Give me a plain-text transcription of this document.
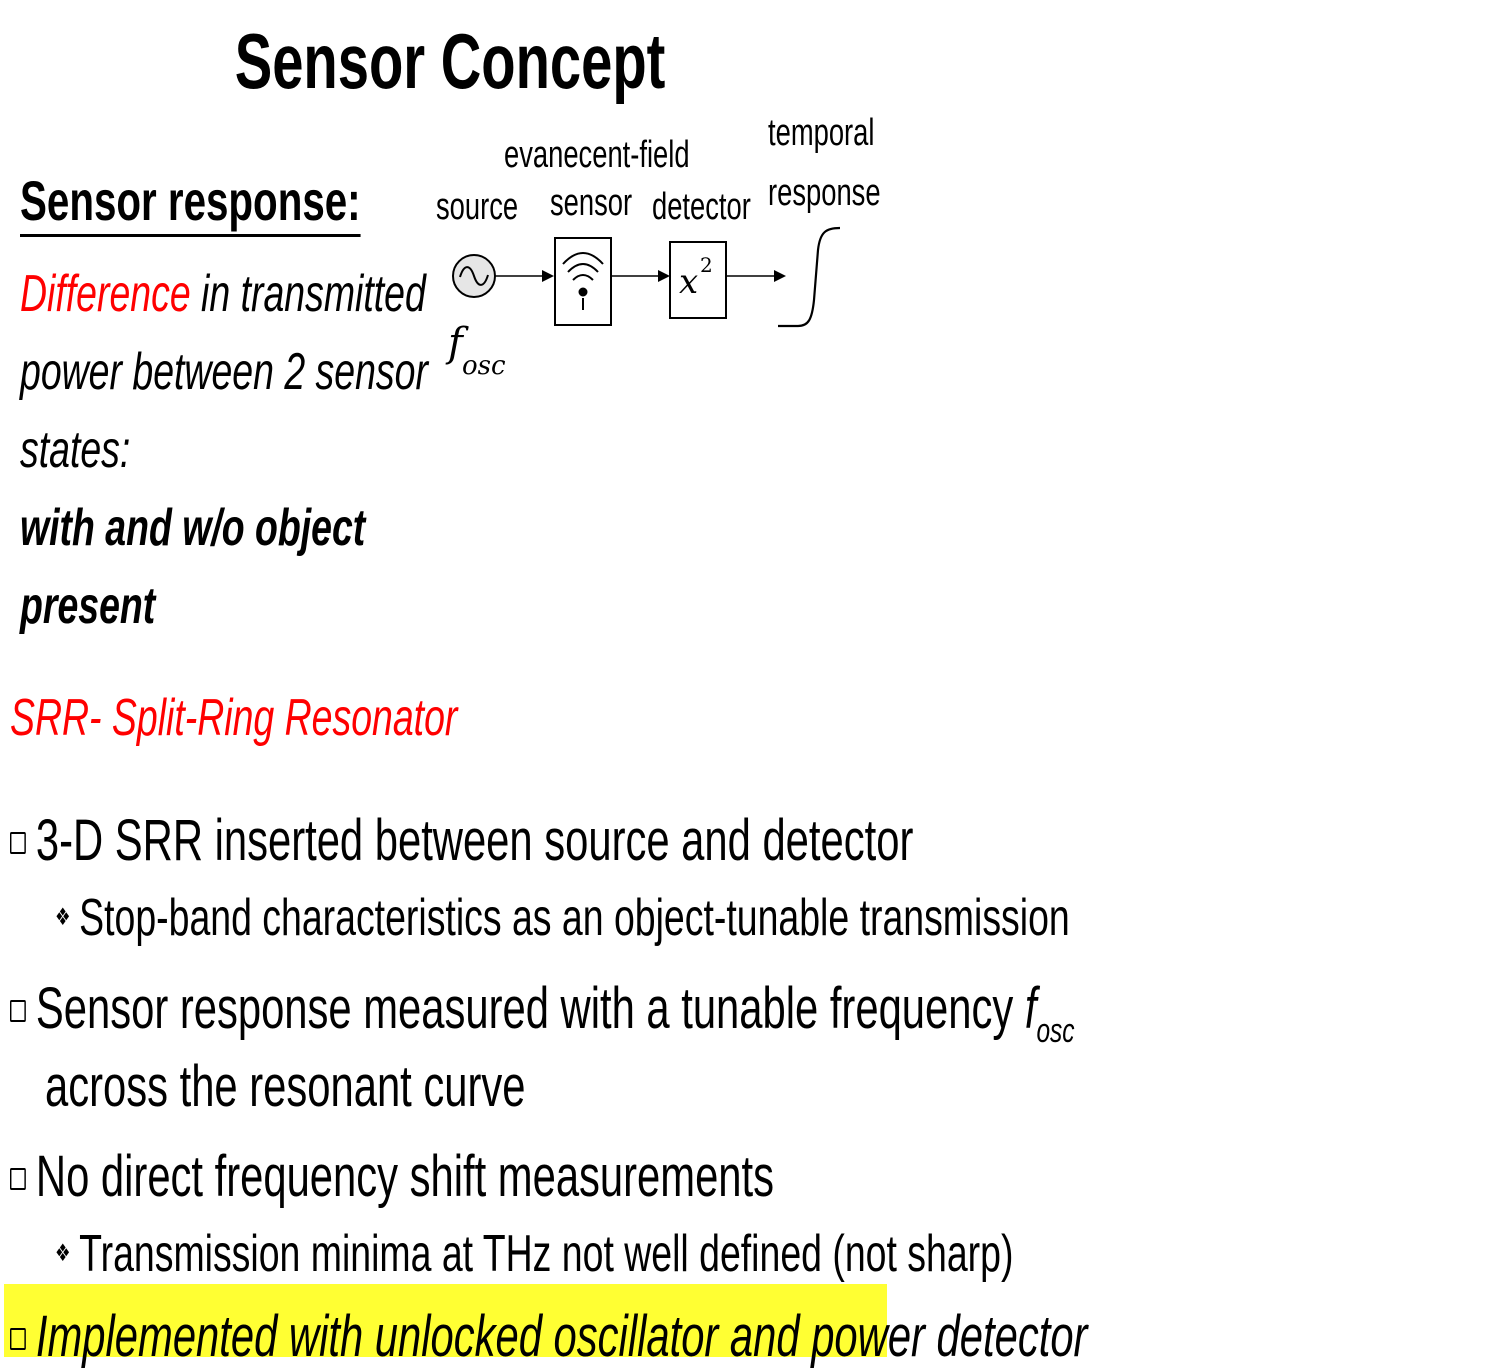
Sensor Concept
Sensor response:
Difference in transmitted
power between 2 sensor
states:
with and w/o object
present
evanecent-field
temporal
source sensor detector response
x 2
f osc
SRR- Split-Ring Resonator
3-D SRR inserted between source and detector
❖ Stop-band characteristics as an object-tunable transmission
Sensor response measured with a tunable frequency $f_{osc}$
across the resonant curve
No direct frequency shift measurements
❖ Transmission minima at THz not well defined (not sharp)
Implemented with unlocked oscillator and power detector
